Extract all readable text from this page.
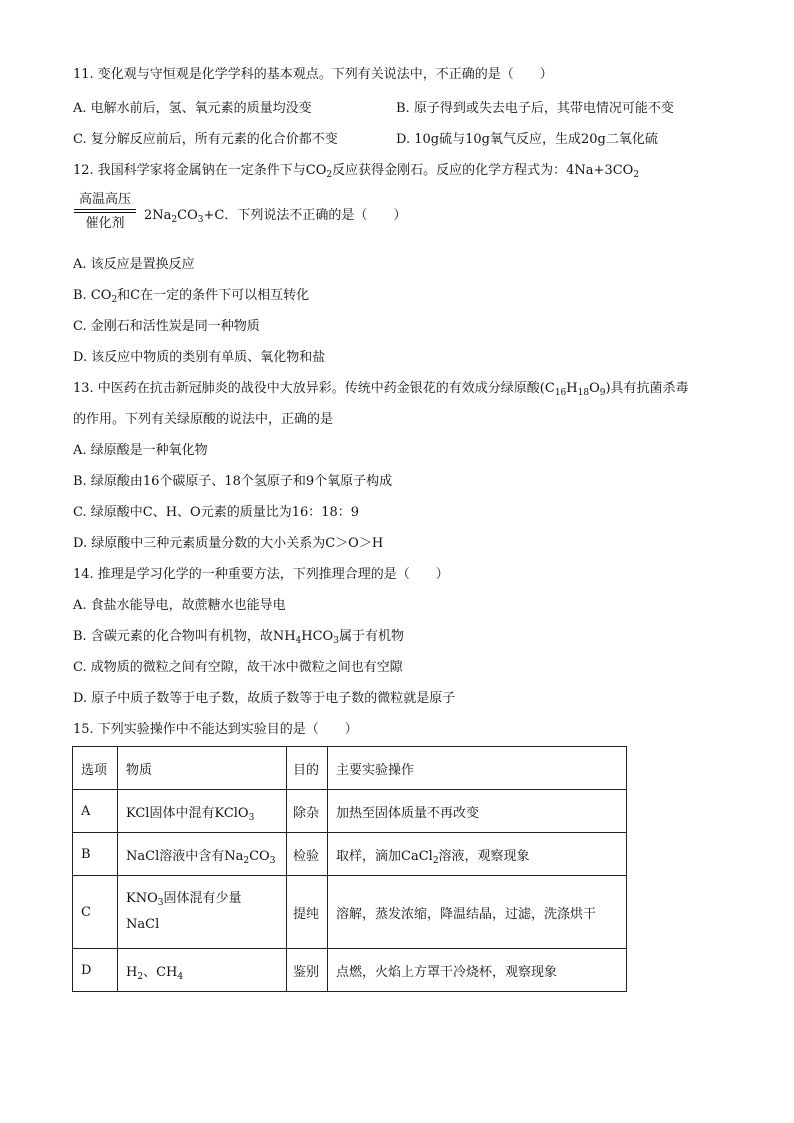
11. 变化观与守恒观是化学学科的基本观点。下列有关说法中，不正确的是（　　）
A. 电解水前后，氢、氧元素的质量均没变	B. 原子得到或失去电子后，其带电情况可能不变
C. 复分解反应前后，所有元素的化合价都不变	D. 10g硫与10g氧气反应，生成20g二氧化硫
12. 我国科学家将金属钠在一定条件下与$CO_2$反应获得金刚石。反应的化学方程式为：$4Na+3CO_2$
高温高压
催化剂
$2Na_2CO_3+C$．下列说法不正确的是（　　）
A. 该反应是置换反应
B. $CO_2$和C在一定的条件下可以相互转化
C. 金刚石和活性炭是同一种物质
D. 该反应中物质的类别有单质、氧化物和盐
13. 中医药在抗击新冠肺炎的战役中大放异彩。传统中药金银花的有效成分绿原酸$(C_{16}H_{18}O_9)$具有抗菌杀毒
的作用。下列有关绿原酸的说法中，正确的是
A. 绿原酸是一种氧化物
B. 绿原酸由16个碳原子、18个氢原子和9个氧原子构成
C. 绿原酸中C、H、O元素的质量比为16：18：9
D. 绿原酸中三种元素质量分数的大小关系为C＞O＞H
14. 推理是学习化学的一种重要方法，下列推理合理的是（　　）
A. 食盐水能导电，故蔗糖水也能导电
B. 含碳元素的化合物叫有机物，故$NH_4HCO_3$属于有机物
C. 成物质的微粒之间有空隙，故干冰中微粒之间也有空隙
D. 原子中质子数等于电子数，故质子数等于电子数的微粒就是原子
15. 下列实验操作中不能达到实验目的是（　　）
选项	物质	目的	主要实验操作
A	KCl固体中混有KClO$_3$	除杂	加热至固体质量不再改变
B	NaCl溶液中含有$Na_2CO_3$	检验	取样，滴加CaCl$_2$溶液，观察现象
C	$KNO_3$固体混有少量
NaCl	提纯	溶解，蒸发浓缩，降温结晶，过滤，洗涤烘干
D	$H_2$、$CH_4$	鉴别	点燃，火焰上方罩干冷烧杯，观察现象
